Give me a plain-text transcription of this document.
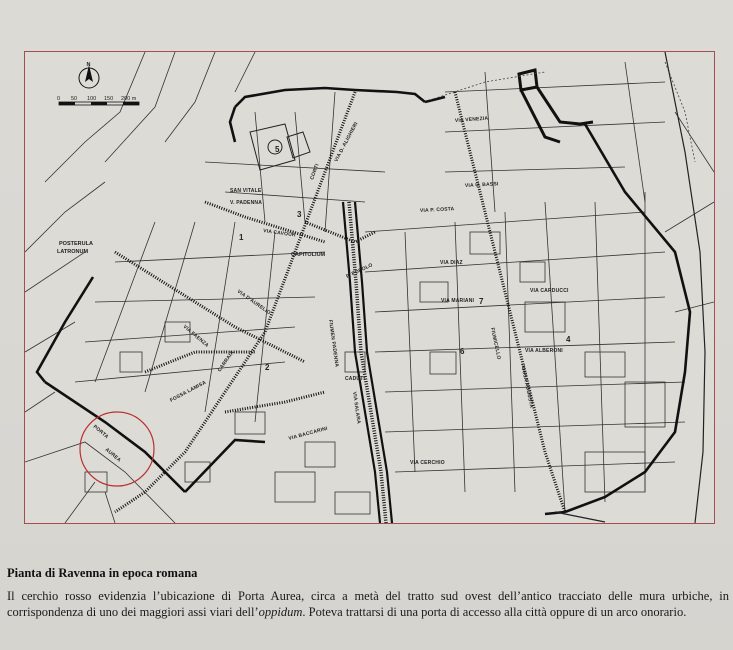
N
0 50 100 150 200 m
VIA VENEZIA
VIA D. ALIGHIERI
CORTI
VIA U. BASSI
VIA P. COSTA
SAN VITALE
V. PADENNA
VIA CAVOUR
POSTERULA
LATRONUM	CAPITOLIUM
P. POPOLO	VIA DIAZ
VIA MARIANI
VIA CARDUCCI
VIA ALBERONI
FIUMEN PADENNA
VIA SALARA
CADUTI
VIA CERCHIO
FOSSA AUGUSTA
FIUMICELLO
FOSSA LAMISA
PORTA
AUREA
CARRAIA
VIA BACCARINI
VIA D'AURELIO
VIA FAENZA
1
2
3
4
5
6
7
Pianta di Ravenna in epoca romana
Il cerchio rosso evidenzia l’ubicazione di Porta Aurea, circa a metà del tratto sud ovest dell’antico tracciato delle mura urbiche, in corrispondenza di uno dei maggiori assi viari dell’oppidum. Poteva trattarsi di una porta di accesso alla città oppure di un arco onorario.
